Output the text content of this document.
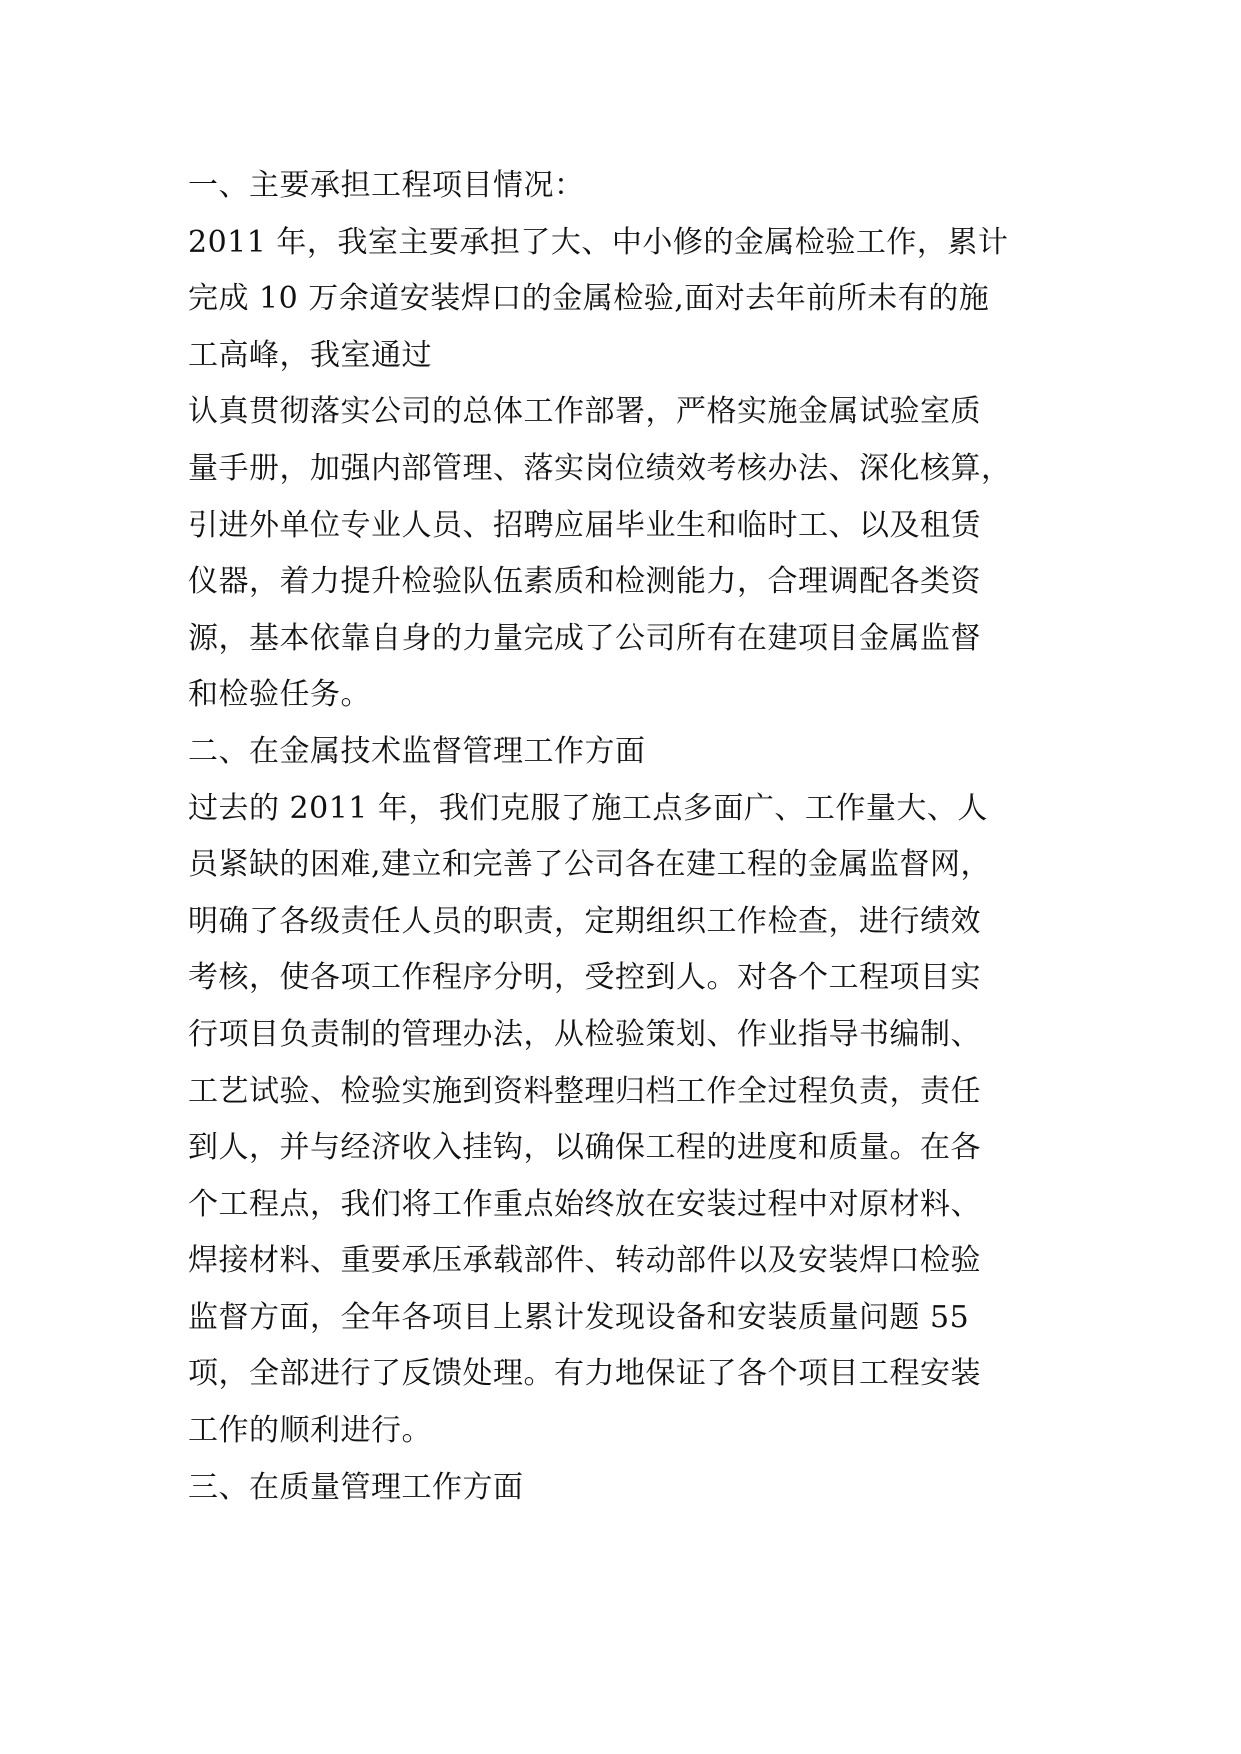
一、主要承担工程项目情况：
2011 年，我室主要承担了大、中小修的金属检验工作，累计
完成 10 万余道安装焊口的金属检验,面对去年前所未有的施
工高峰，我室通过
认真贯彻落实公司的总体工作部署，严格实施金属试验室质
量手册，加强内部管理、落实岗位绩效考核办法、深化核算，
引进外单位专业人员、招聘应届毕业生和临时工、以及租赁
仪器，着力提升检验队伍素质和检测能力，合理调配各类资
源，基本依靠自身的力量完成了公司所有在建项目金属监督
和检验任务。
二、在金属技术监督管理工作方面
过去的 2011 年，我们克服了施工点多面广、工作量大、人
员紧缺的困难,建立和完善了公司各在建工程的金属监督网，
明确了各级责任人员的职责，定期组织工作检查，进行绩效
考核，使各项工作程序分明，受控到人。对各个工程项目实
行项目负责制的管理办法，从检验策划、作业指导书编制、
工艺试验、检验实施到资料整理归档工作全过程负责，责任
到人，并与经济收入挂钩，以确保工程的进度和质量。在各
个工程点，我们将工作重点始终放在安装过程中对原材料、
焊接材料、重要承压承载部件、转动部件以及安装焊口检验
监督方面，全年各项目上累计发现设备和安装质量问题 55
项，全部进行了反馈处理。有力地保证了各个项目工程安装
工作的顺利进行。
三、在质量管理工作方面
